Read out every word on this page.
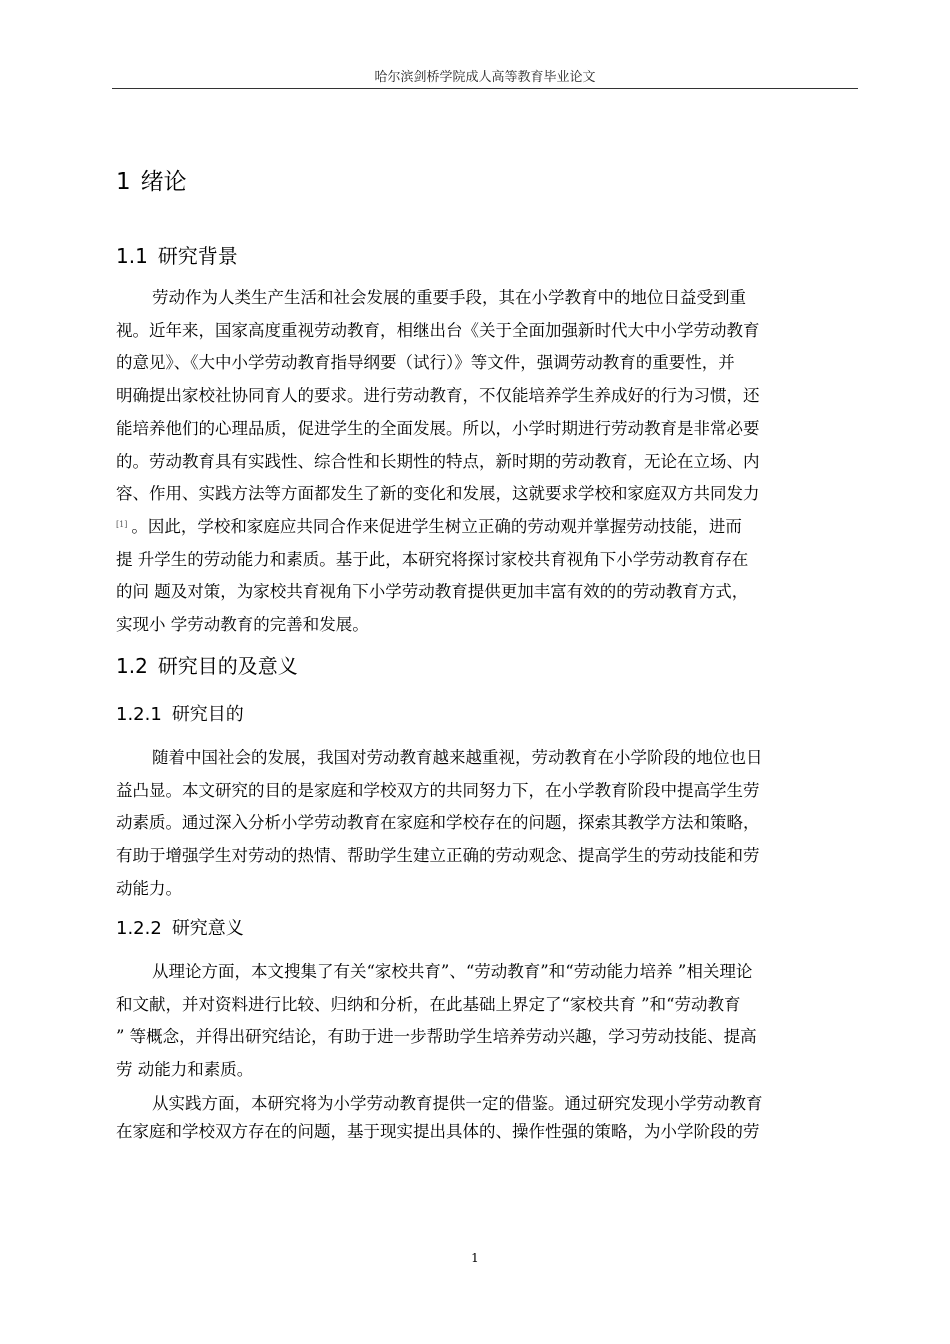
哈尔滨剑桥学院成人高等教育毕业论文
1 绪论
1.1 研究背景
劳动作为人类生产生活和社会发展的重要手段，其在小学教育中的地位日益受到重
视。近年来，国家高度重视劳动教育，相继出台《关于全面加强新时代大中小学劳动教育
的意见》、《大中小学劳动教育指导纲要（试行）》等文件，强调劳动教育的重要性，并
明确提出家校社协同育人的要求。进行劳动教育，不仅能培养学生养成好的行为习惯，还
能培养他们的心理品质，促进学生的全面发展。所以，小学时期进行劳动教育是非常必要
的。劳动教育具有实践性、综合性和长期性的特点，新时期的劳动教育，无论在立场、内
容、作用、实践方法等方面都发生了新的变化和发展，这就要求学校和家庭双方共同发力
[1] 。因此，学校和家庭应共同合作来促进学生树立正确的劳动观并掌握劳动技能，进而
提 升学生的劳动能力和素质。基于此，本研究将探讨家校共育视角下小学劳动教育存在
的问 题及对策，为家校共育视角下小学劳动教育提供更加丰富有效的的劳动教育方式，
实现小 学劳动教育的完善和发展。
1.2 研究目的及意义
1.2.1 研究目的
随着中国社会的发展，我国对劳动教育越来越重视，劳动教育在小学阶段的地位也日
益凸显。本文研究的目的是家庭和学校双方的共同努力下，在小学教育阶段中提高学生劳
动素质。通过深入分析小学劳动教育在家庭和学校存在的问题，探索其教学方法和策略，
有助于增强学生对劳动的热情、帮助学生建立正确的劳动观念、提高学生的劳动技能和劳
动能力。
1.2.2 研究意义
从理论方面，本文搜集了有关“家校共育”、“劳动教育”和“劳动能力培养 ”相关理论
和文献，并对资料进行比较、归纳和分析，在此基础上界定了“家校共育 ”和“劳动教育
” 等概念，并得出研究结论，有助于进一步帮助学生培养劳动兴趣，学习劳动技能、提高
劳 动能力和素质。
从实践方面，本研究将为小学劳动教育提供一定的借鉴。通过研究发现小学劳动教育
在家庭和学校双方存在的问题，基于现实提出具体的、操作性强的策略，为小学阶段的劳
1
